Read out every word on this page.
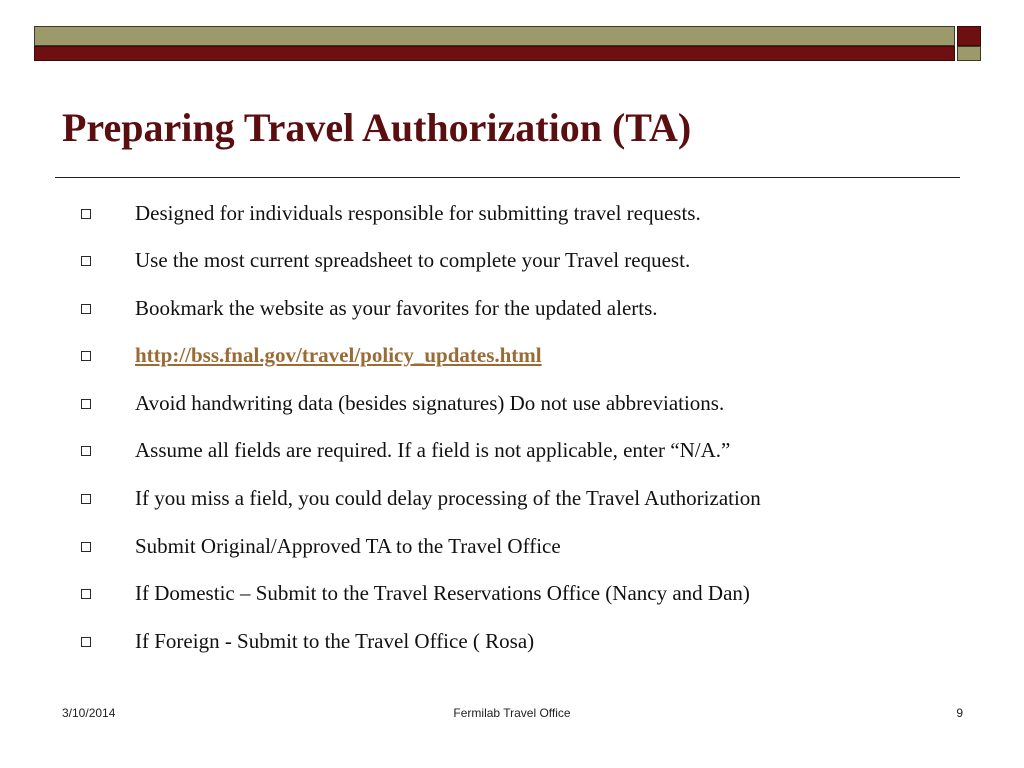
Preparing Travel Authorization (TA)
Designed for individuals responsible for submitting travel requests.
Use the most current spreadsheet to complete your Travel request.
Bookmark the website as your favorites for the updated alerts.
http://bss.fnal.gov/travel/policy_updates.html
Avoid handwriting data (besides signatures) Do not use abbreviations.
Assume all fields are required. If a field is not applicable, enter “N/A.”
If you miss a field, you could delay processing of the Travel Authorization
Submit Original/Approved TA to the Travel Office
If Domestic – Submit to the Travel Reservations Office (Nancy and Dan)
If Foreign - Submit to the Travel Office ( Rosa)
3/10/2014	Fermilab Travel Office	9
